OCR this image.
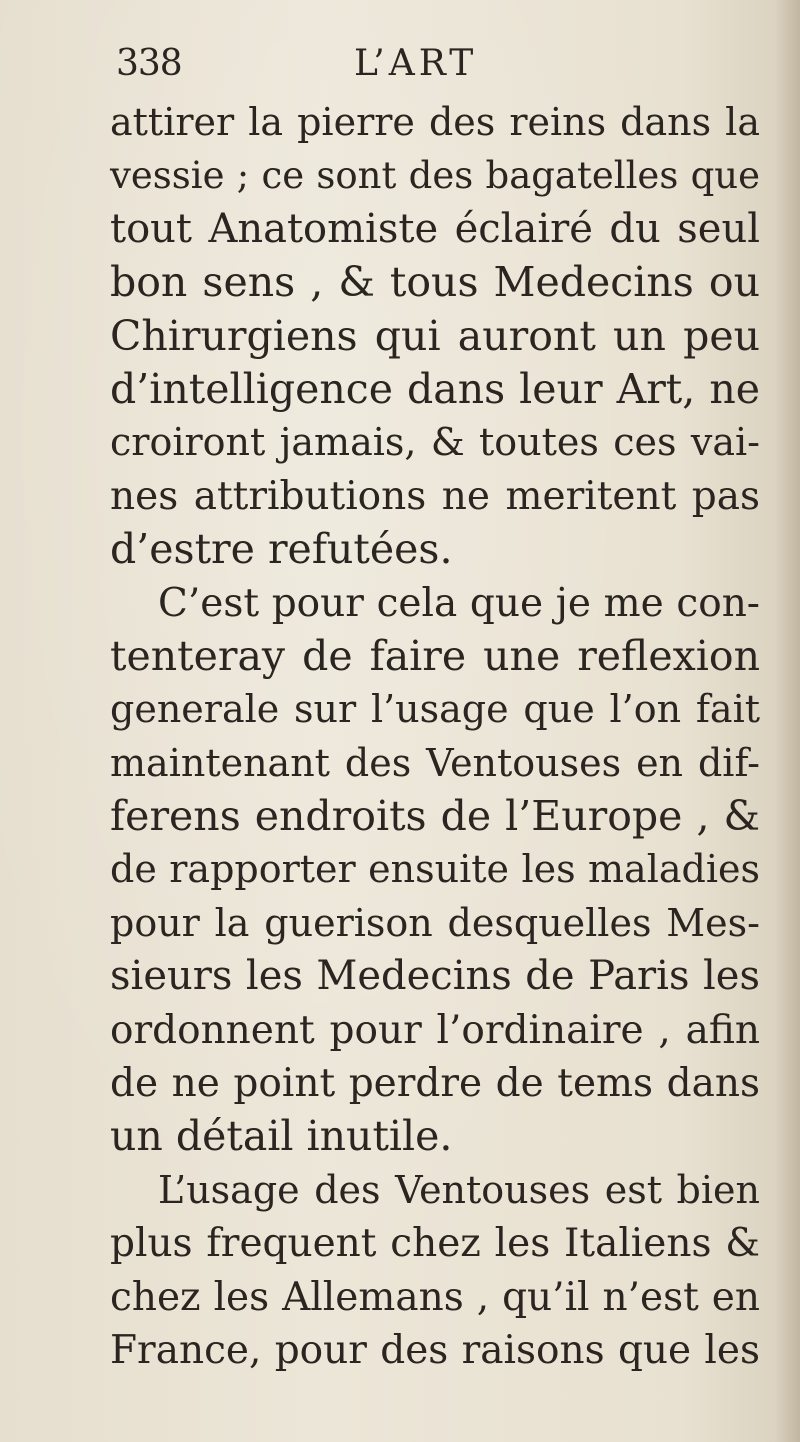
338	L’ART
attirer la pierre des reins dans la
vessie ; ce sont des bagatelles que
tout Anatomiste éclairé du seul
bon sens , & tous Medecins ou
Chirurgiens qui auront un peu
d’intelligence dans leur Art, ne
croiront jamais, & toutes ces vai-
nes attributions ne meritent pas
d’estre refutées.
C’est pour cela que je me con-
tenteray de faire une reflexion
generale sur l’usage que l’on fait
maintenant des Ventouses en dif-
ferens endroits de l’Europe , &
de rapporter ensuite les maladies
pour la guerison desquelles Mes-
sieurs les Medecins de Paris les
ordonnent pour l’ordinaire , afin
de ne point perdre de tems dans
un détail inutile.
L’usage des Ventouses est bien
plus frequent chez les Italiens &
chez les Allemans , qu’il n’est en
France, pour des raisons que les
